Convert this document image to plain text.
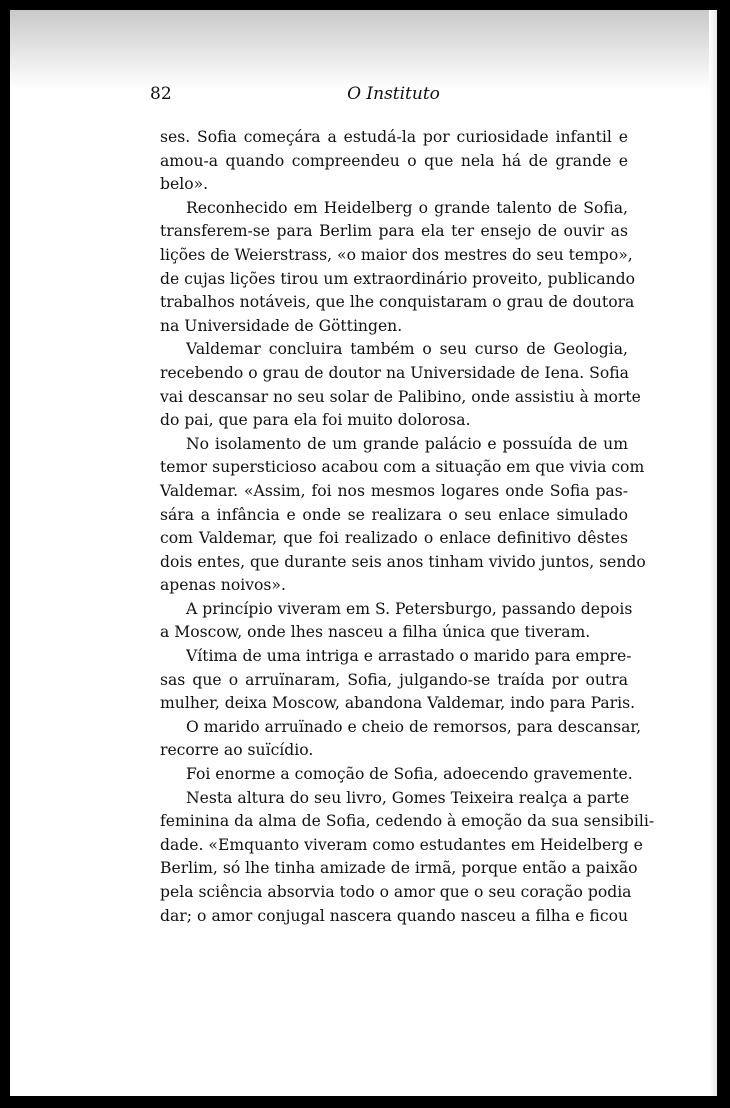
82	O Instituto
ses. Sofia começára a estudá-la por curiosidade infantil e
amou-a quando compreendeu o que nela há de grande e
belo».
Reconhecido em Heidelberg o grande talento de Sofia,
transferem-se para Berlim para ela ter ensejo de ouvir as
lições de Weierstrass, «o maior dos mestres do seu tempo»,
de cujas lições tirou um extraordinário proveito, publicando
trabalhos notáveis, que lhe conquistaram o grau de doutora
na Universidade de Göttingen.
Valdemar concluira também o seu curso de Geologia,
recebendo o grau de doutor na Universidade de Iena. Sofia
vai descansar no seu solar de Palibino, onde assistiu à morte
do pai, que para ela foi muito dolorosa.
No isolamento de um grande palácio e possuída de um
temor supersticioso acabou com a situação em que vivia com
Valdemar. «Assim, foi nos mesmos logares onde Sofia pas-
sára a infância e onde se realizara o seu enlace simulado
com Valdemar, que foi realizado o enlace definitivo dêstes
dois entes, que durante seis anos tinham vivido juntos, sendo
apenas noivos».
A princípio viveram em S. Petersburgo, passando depois
a Moscow, onde lhes nasceu a filha única que tiveram.
Vítima de uma intriga e arrastado o marido para empre-
sas que o arruïnaram, Sofia, julgando-se traída por outra
mulher, deixa Moscow, abandona Valdemar, indo para Paris.
O marido arruïnado e cheio de remorsos, para descansar,
recorre ao suïcídio.
Foi enorme a comoção de Sofia, adoecendo gravemente.
Nesta altura do seu livro, Gomes Teixeira realça a parte
feminina da alma de Sofia, cedendo à emoção da sua sensibili-
dade. «Emquanto viveram como estudantes em Heidelberg e
Berlim, só lhe tinha amizade de irmã, porque então a paixão
pela sciência absorvia todo o amor que o seu coração podia
dar; o amor conjugal nascera quando nasceu a filha e ficou
